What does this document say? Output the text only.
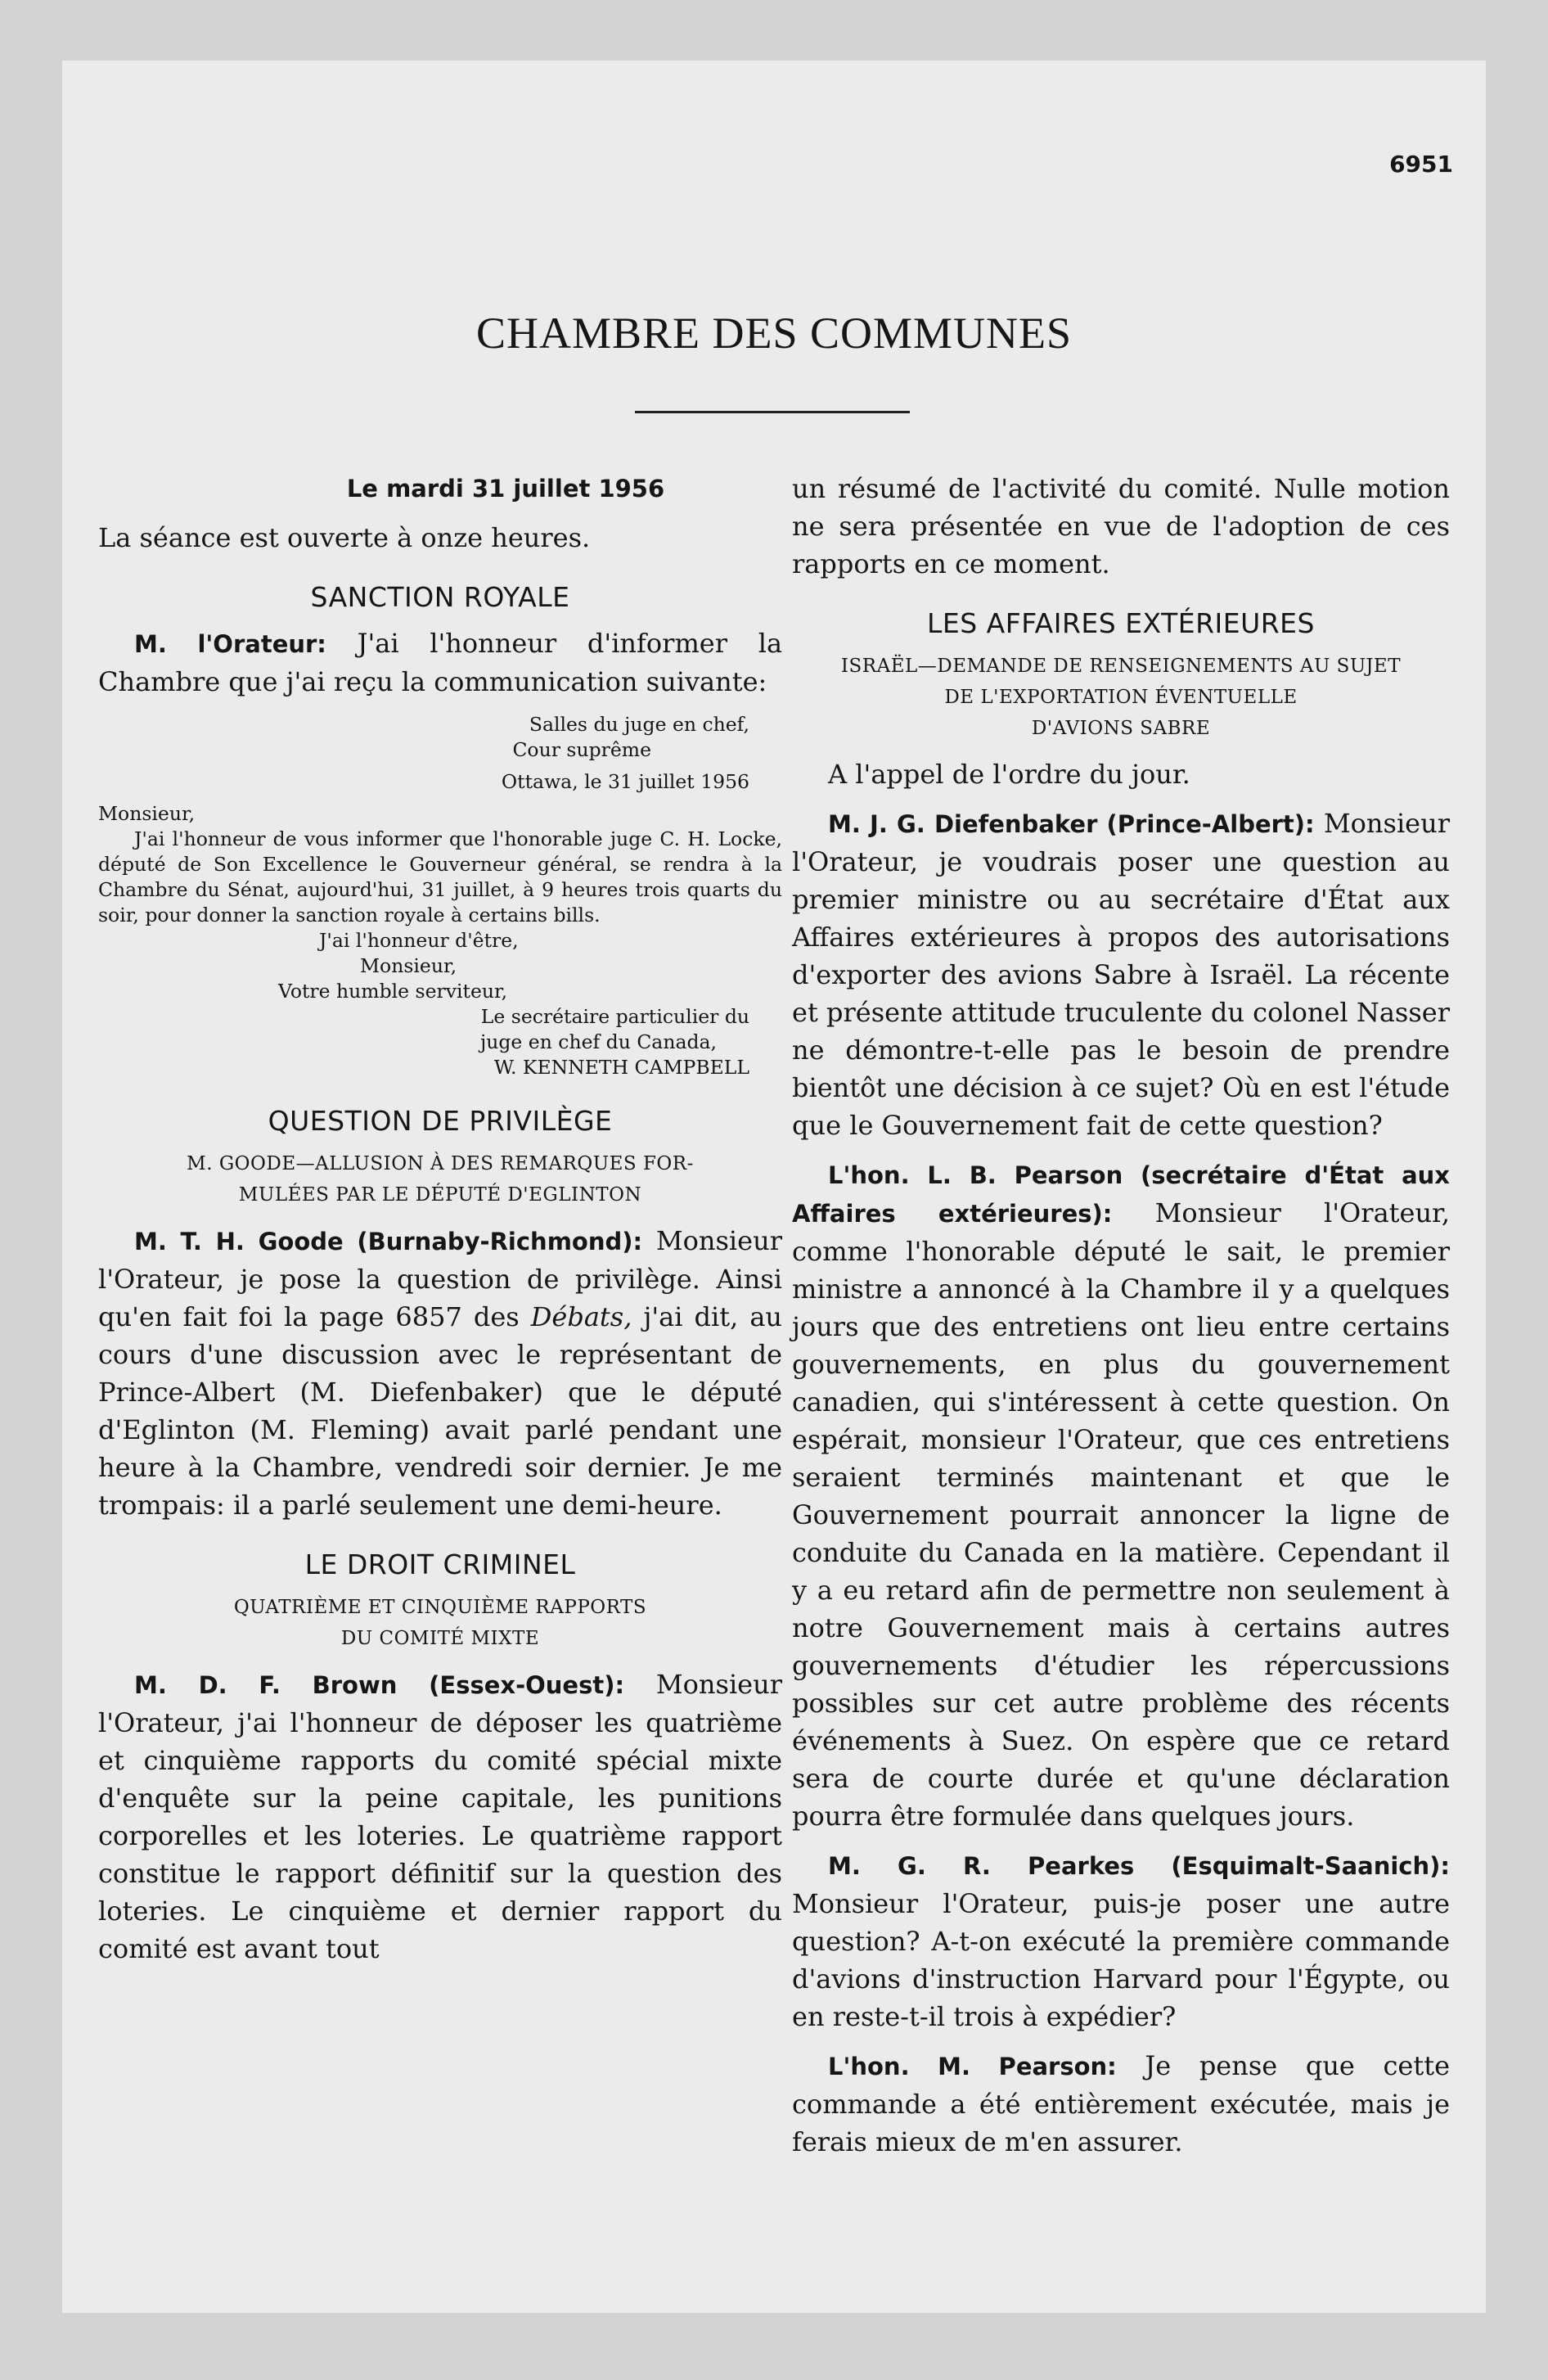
6951
CHAMBRE DES COMMUNES

Le mardi 31 juillet 1956

La séance est ouverte à onze heures.

SANCTION ROYALE

M. l'Orateur: J'ai l'honneur d'informer la Chambre que j'ai reçu la communication suivante:

Salles du juge en chef,

Cour suprême

Ottawa, le 31 juillet 1956

Monsieur,

J'ai l'honneur de vous informer que l'honorable juge C. H. Locke, député de Son Excellence le Gouverneur général, se rendra à la Chambre du Sénat, aujourd'hui, 31 juillet, à 9 heures trois quarts du soir, pour donner la sanction royale à certains bills.

J'ai l'honneur d'être,

Monsieur,

Votre humble serviteur,

Le secrétaire particulier du

juge en chef du Canada,

W. KENNETH CAMPBELL

QUESTION DE PRIVILÈGE

M. GOODE—ALLUSION À DES REMARQUES FOR-

MULÉES PAR LE DÉPUTÉ D'EGLINTON

M. T. H. Goode (Burnaby-Richmond): Monsieur l'Orateur, je pose la question de privilège. Ainsi qu'en fait foi la page 6857 des Débats, j'ai dit, au cours d'une discussion avec le représentant de Prince-Albert (M. Diefenbaker) que le député d'Eglinton (M. Fleming) avait parlé pendant une heure à la Chambre, vendredi soir dernier. Je me trompais: il a parlé seulement une demi-heure.

LE DROIT CRIMINEL

QUATRIÈME ET CINQUIÈME RAPPORTS

DU COMITÉ MIXTE

M. D. F. Brown (Essex-Ouest): Monsieur l'Orateur, j'ai l'honneur de déposer les quatrième et cinquième rapports du comité spécial mixte d'enquête sur la peine capitale, les punitions corporelles et les loteries. Le quatrième rapport constitue le rapport définitif sur la question des loteries. Le cinquième et dernier rapport du comité est avant tout

un résumé de l'activité du comité. Nulle motion ne sera présentée en vue de l'adoption de ces rapports en ce moment.

LES AFFAIRES EXTÉRIEURES

ISRAËL—DEMANDE DE RENSEIGNEMENTS AU SUJET

DE L'EXPORTATION ÉVENTUELLE

D'AVIONS SABRE

A l'appel de l'ordre du jour.

M. J. G. Diefenbaker (Prince-Albert): Monsieur l'Orateur, je voudrais poser une question au premier ministre ou au secrétaire d'État aux Affaires extérieures à propos des autorisations d'exporter des avions Sabre à Israël. La récente et présente attitude truculente du colonel Nasser ne démontre-t-elle pas le besoin de prendre bientôt une décision à ce sujet? Où en est l'étude que le Gouvernement fait de cette question?

L'hon. L. B. Pearson (secrétaire d'État aux Affaires extérieures): Monsieur l'Orateur, comme l'honorable député le sait, le premier ministre a annoncé à la Chambre il y a quelques jours que des entretiens ont lieu entre certains gouvernements, en plus du gouvernement canadien, qui s'intéressent à cette question. On espérait, monsieur l'Orateur, que ces entretiens seraient terminés maintenant et que le Gouvernement pourrait annoncer la ligne de conduite du Canada en la matière. Cependant il y a eu retard afin de permettre non seulement à notre Gouvernement mais à certains autres gouvernements d'étudier les répercussions possibles sur cet autre problème des récents événements à Suez. On espère que ce retard sera de courte durée et qu'une déclaration pourra être formulée dans quelques jours.

M. G. R. Pearkes (Esquimalt-Saanich): Monsieur l'Orateur, puis-je poser une autre question? A-t-on exécuté la première commande d'avions d'instruction Harvard pour l'Égypte, ou en reste-t-il trois à expédier?

L'hon. M. Pearson: Je pense que cette commande a été entièrement exécutée, mais je ferais mieux de m'en assurer.
